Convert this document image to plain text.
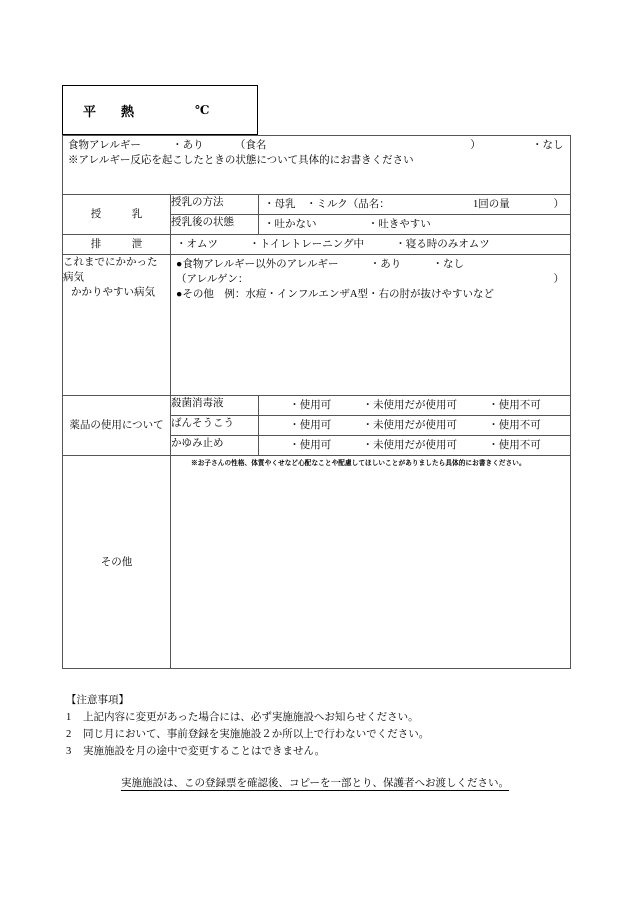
平　熱	℃
食物アレルギー ・あり （食名 ） ・なし
※アレルギー反応を起こしたときの状態について具体的にお書きください		

授　乳	授乳の方法	・母乳　・ミルク（品名： 1回の量 ）

	授乳後の状態	・吐かない ・吐きやすい

排　泄	・オムツ ・トイレトレーニング中 ・寝る時のみオムツ	

これまでにかかった
病気
かかりやすい病気

●食物アレルギー以外のアレルギー	・あり	・なし
（アレルゲン：	）
●その他　例：水痘・インフルエンザA型・右の肘が抜けやすいなど

薬品の使用について	殺菌消毒液	・使用可 ・未使用だが使用可 ・使用不可

	ばんそうこう	・使用可 ・未使用だが使用可 ・使用不可

	かゆみ止め	・使用可 ・未使用だが使用可 ・使用不可

その他	※お子さんの性格、体質やくせなど心配なことや配慮してほしいことがありましたら具体的にお書きください。	
【注意事項】
1 上記内容に変更があった場合には、必ず実施施設へお知らせください。
2 同じ月において、事前登録を実施施設２か所以上で行わないでください。
3 実施施設を月の途中で変更することはできません。
実施施設は、この登録票を確認後、コピーを一部とり、保護者へお渡しください。
